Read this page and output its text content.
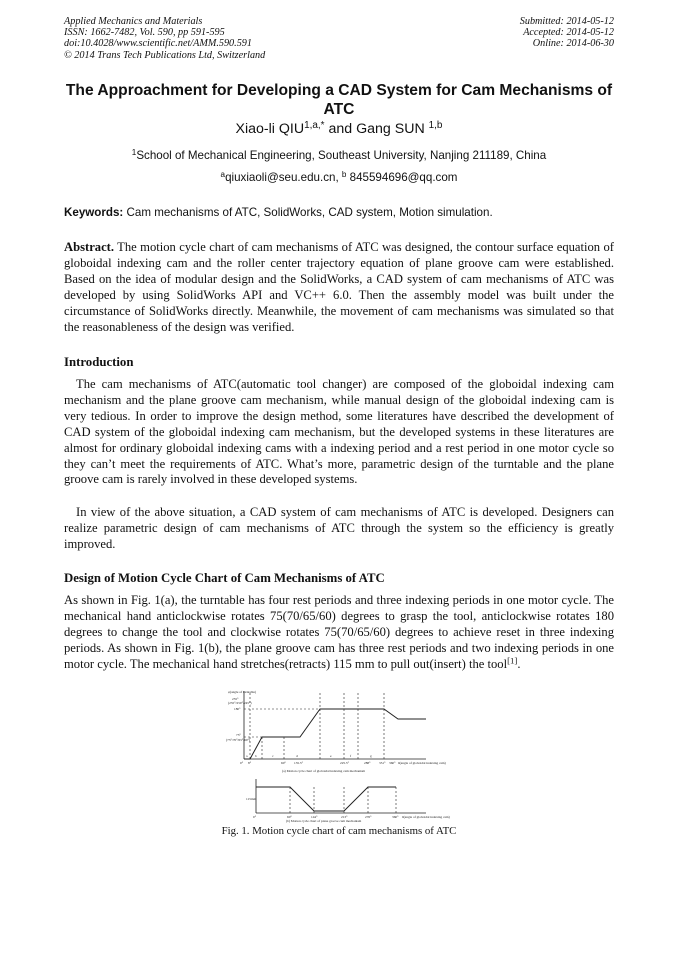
Applied Mechanics and Materials
ISSN: 1662-7482, Vol. 590, pp 591-595
doi:10.4028/www.scientific.net/AMM.590.591
© 2014 Trans Tech Publications Ltd, Switzerland
Submitted: 2014-05-12
Accepted: 2014-05-12
Online: 2014-06-30
The Approachment for Developing a CAD System for Cam Mechanisms of ATC
Xiao-li $QIU^{1,a,*}$ and Gang SUN $^{1,b}$
$^1$School of Mechanical Engineering, Southeast University, Nanjing 211189, China
$^a$qiuxiaoli@seu.edu.cn, $^b$ 845594696@qq.com
Keywords: Cam mechanisms of ATC, SolidWorks, CAD system, Motion simulation.
Abstract. The motion cycle chart of cam mechanisms of ATC was designed, the contour surface equation of globoidal indexing cam and the roller center trajectory equation of plane groove cam were established. Based on the idea of modular design and the SolidWorks, a CAD system of cam mechanisms of ATC was developed by using SolidWorks API and VC++ 6.0. Then the assembly model was built under the circumstance of SolidWorks directly. Meanwhile, the movement of cam mechanisms was simulated so that the reasonableness of the design was verified.
Introduction
The cam mechanisms of ATC(automatic tool changer) are composed of the globoidal indexing cam mechanism and the plane groove cam mechanism, while manual design of the globoidal indexing cam is very tedious. In order to improve the design method, some literatures have described the development of CAD system of the globoidal indexing cam mechanism, but the developed systems in these literatures are almost for ordinary globoidal indexing cams with a indexing period and a rest period in one motor cycle so they can’t meet the requirements of ATC. What’s more, parametric design of the turntable and the plane groove cam is rarely involved in these developed systems.
In view of the above situation, a CAD system of cam mechanisms of ATC is developed. Designers can realize parametric design of cam mechanisms of ATC through the system so the efficiency is greatly improved.
Design of Motion Cycle Chart of Cam Mechanisms of ATC
As shown in Fig. 1(a), the turntable has four rest periods and three indexing periods in one motor cycle. The mechanical hand anticlockwise rotates 75(70/65/60) degrees to grasp the tool, anticlockwise rotates 180 degrees to change the tool and clockwise rotates 75(70/65/60) degrees to achieve reset in three indexing periods. As shown in Fig. 1(b), the plane groove cam has three rest periods and two indexing periods in one motor cycle. The mechanical hand stretches(retracts) 115 mm to pull out(insert) the tool[1].
φ(angle of turntable)
255°
(255°/250°/245°)
180°
75°
(75°/70°/65°/60°)
0° 8°	60° 135.5°	225.5°	288°	351° 360° θ(angle of globoidal indexing cam)
a b	c	d	e	f	g
(a) Motion cycle chart of globoidal indexing cam mechanism
115mm
0°	60°	144°	213°	276°	360° θ(angle of globoidal indexing cam)
(b) Motion cycle chart of plane groove cam mechanism
Fig. 1. Motion cycle chart of cam mechanisms of ATC
